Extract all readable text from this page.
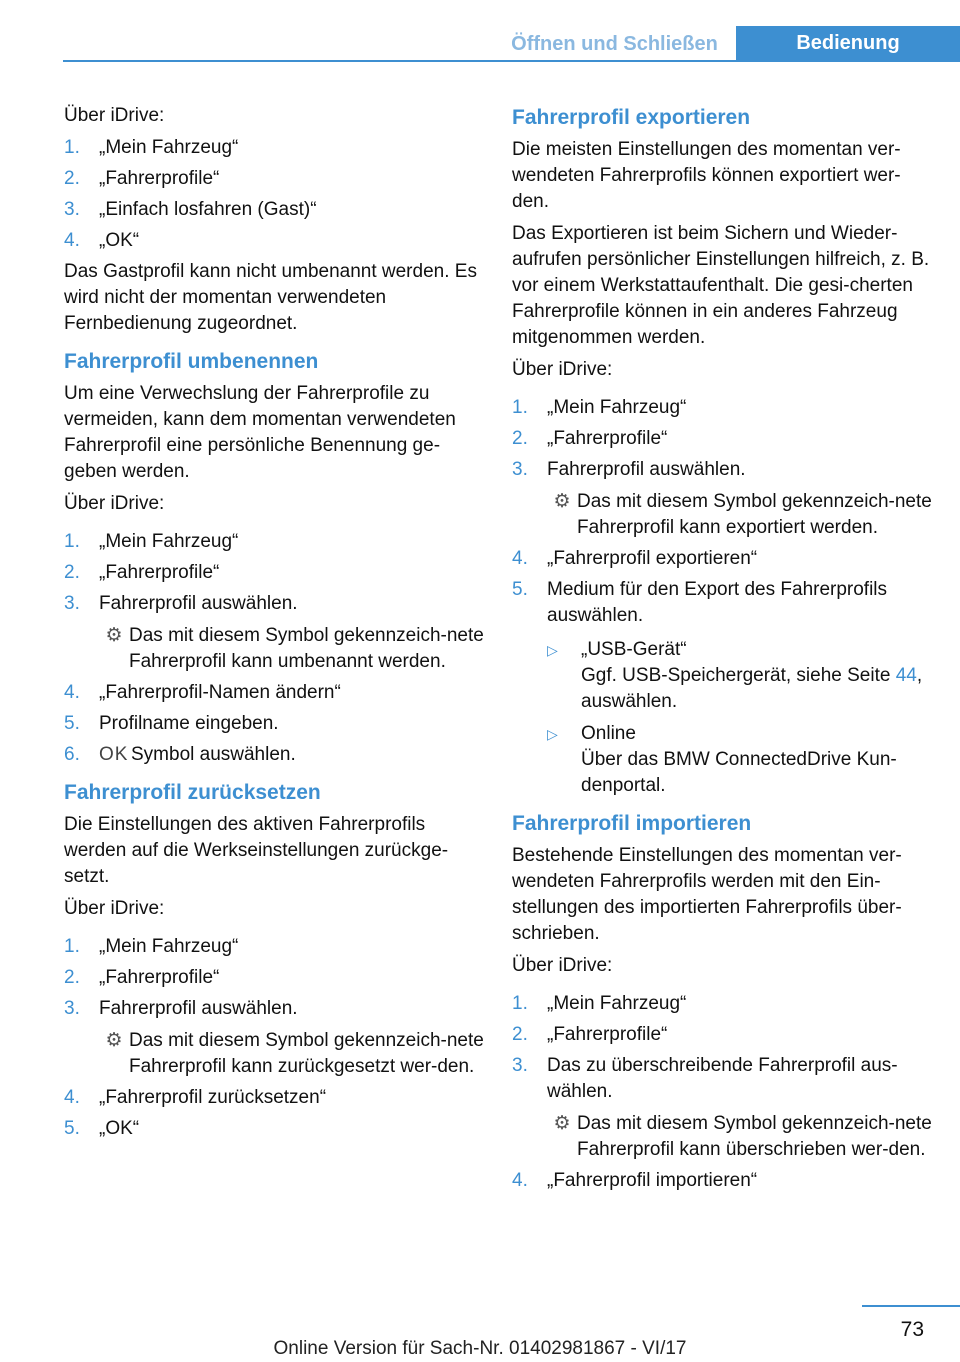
Öffnen und Schließen	Bedienung

Über iDrive:

1. „Mein Fahrzeug“
2. „Fahrerprofile“
3. „Einfach losfahren (Gast)“
4. „OK“

Das Gastprofil kann nicht umbenannt werden. Es wird nicht der momentan verwendeten Fernbedienung zugeordnet.

Fahrerprofil umbenennen

Um eine Verwechslung der Fahrerprofile zu vermeiden, kann dem momentan verwendeten Fahrerprofil eine persönliche Benennung ge‐geben werden.

Über iDrive:

1. „Mein Fahrzeug“
2. „Fahrerprofile“
3. Fahrerprofil auswählen.
⚙ Das mit diesem Symbol gekennzeich‐nete Fahrerprofil kann umbenannt werden.
4. „Fahrerprofil-Namen ändern“
5. Profilname eingeben.
6. OK Symbol auswählen.
Fahrerprofil zurücksetzen

Die Einstellungen des aktiven Fahrerprofils werden auf die Werkseinstellungen zurückge‐setzt.

Über iDrive:

1. „Mein Fahrzeug“
2. „Fahrerprofile“
3. Fahrerprofil auswählen.
⚙ Das mit diesem Symbol gekennzeich‐nete Fahrerprofil kann zurückgesetzt wer‐den.
4. „Fahrerprofil zurücksetzen“
5. „OK“
Fahrerprofil exportieren

Die meisten Einstellungen des momentan ver‐wendeten Fahrerprofils können exportiert wer‐den.

Das Exportieren ist beim Sichern und Wieder‐aufrufen persönlicher Einstellungen hilfreich, z. B. vor einem Werkstattaufenthalt. Die gesi‐cherten Fahrerprofile können in ein anderes Fahrzeug mitgenommen werden.

Über iDrive:

1. „Mein Fahrzeug“
2. „Fahrerprofile“
3. Fahrerprofil auswählen.
⚙ Das mit diesem Symbol gekennzeich‐nete Fahrerprofil kann exportiert werden.
4. „Fahrerprofil exportieren“
5. Medium für den Export des Fahrerprofils auswählen.
▷ „USB-Gerät“
Ggf. USB-Speichergerät, siehe Seite 44, auswählen.
▷ Online
Über das BMW ConnectedDrive Kun‐denportal.
Fahrerprofil importieren

Bestehende Einstellungen des momentan ver‐wendeten Fahrerprofils werden mit den Ein‐stellungen des importierten Fahrerprofils über‐schrieben.

Über iDrive:

1. „Mein Fahrzeug“
2. „Fahrerprofile“
3. Das zu überschreibende Fahrerprofil aus‐wählen.
⚙ Das mit diesem Symbol gekennzeich‐nete Fahrerprofil kann überschrieben wer‐den.
4. „Fahrerprofil importieren“
73
Online Version für Sach-Nr. 01402981867 - VI/17
